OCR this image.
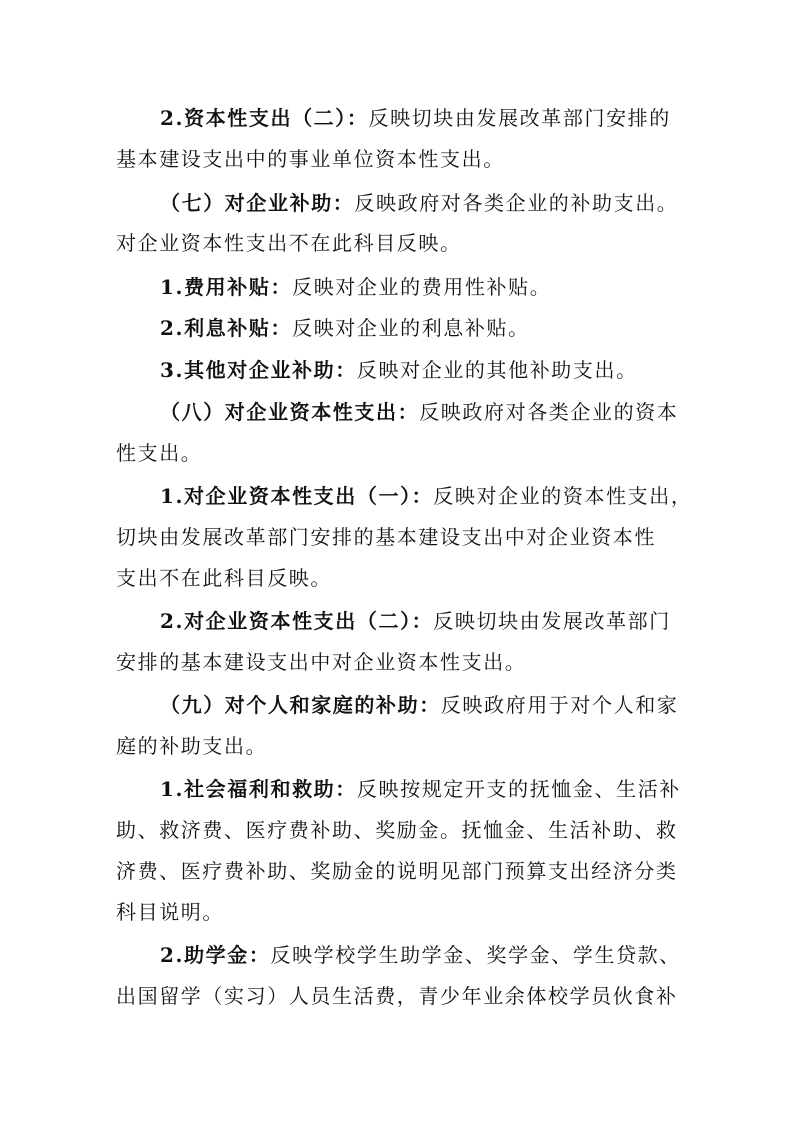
2.资本性支出（二）：反映切块由发展改革部门安排的
基本建设支出中的事业单位资本性支出。
（七）对企业补助：反映政府对各类企业的补助支出。
对企业资本性支出不在此科目反映。
1.费用补贴：反映对企业的费用性补贴。
2.利息补贴：反映对企业的利息补贴。
3.其他对企业补助：反映对企业的其他补助支出。
（八）对企业资本性支出：反映政府对各类企业的资本
性支出。
1.对企业资本性支出（一）：反映对企业的资本性支出，
切块由发展改革部门安排的基本建设支出中对企业资本性
支出不在此科目反映。
2.对企业资本性支出（二）：反映切块由发展改革部门
安排的基本建设支出中对企业资本性支出。
（九）对个人和家庭的补助：反映政府用于对个人和家
庭的补助支出。
1.社会福利和救助：反映按规定开支的抚恤金、生活补
助、救济费、医疗费补助、奖励金。抚恤金、生活补助、救
济费、医疗费补助、奖励金的说明见部门预算支出经济分类
科目说明。
2.助学金：反映学校学生助学金、奖学金、学生贷款、
出国留学（实习）人员生活费，青少年业余体校学员伙食补
